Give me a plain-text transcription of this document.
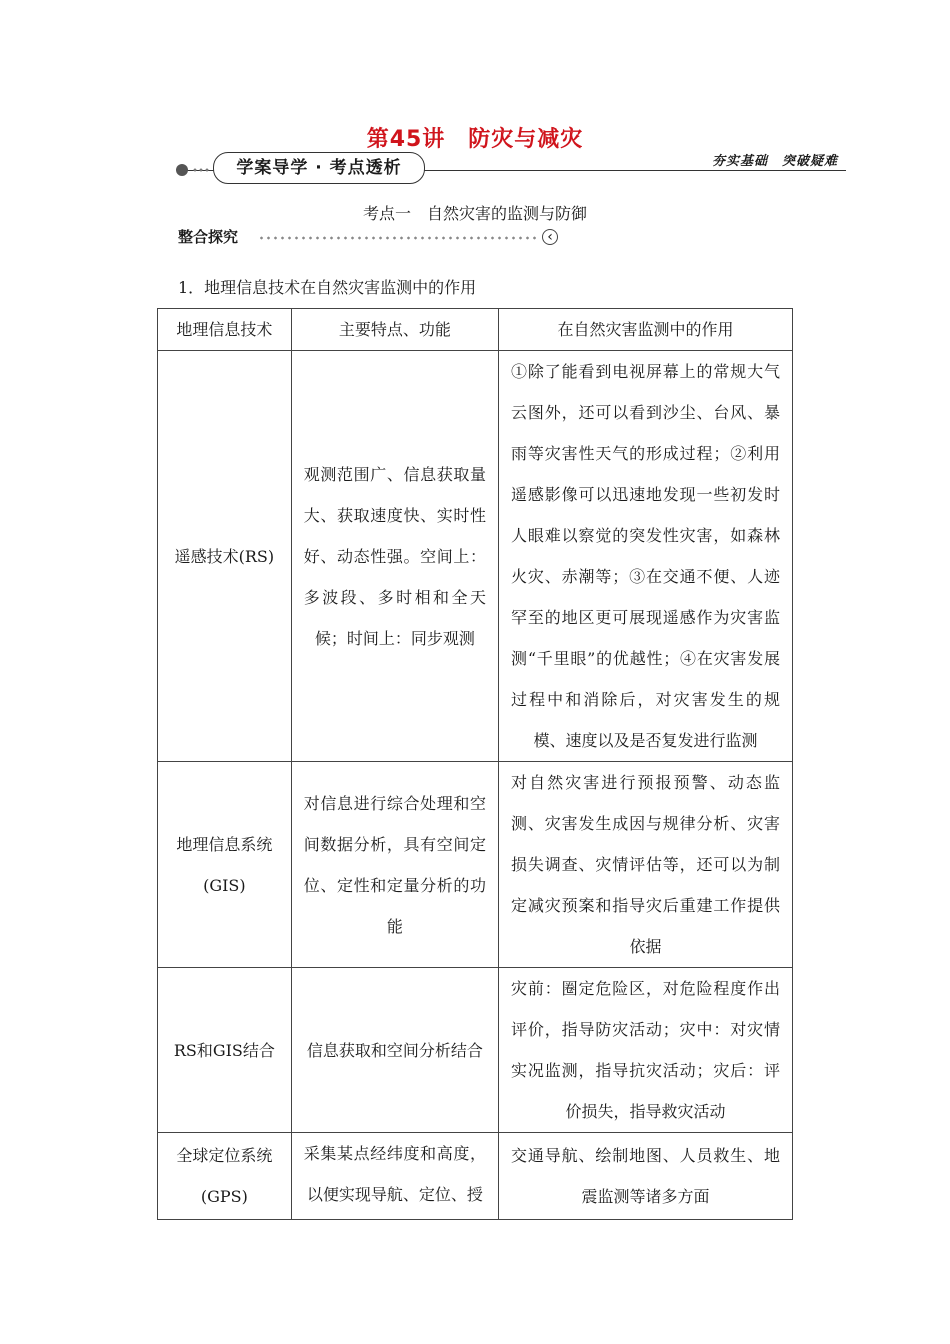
第45讲　防灾与减灾
学案导学 · 考点透析	夯实基础　突破疑难
考点一　自然灾害的监测与防御
整合探究
‹
1．地理信息技术在自然灾害监测中的作用
地理信息技术	主要特点、功能	在自然灾害监测中的作用
遥感技术(RS)	观测范围广、信息获取量大、获取速度快、实时性好、动态性强。空间上：多波段、多时相和全天候；时间上：同步观测	①除了能看到电视屏幕上的常规大气云图外，还可以看到沙尘、台风、暴雨等灾害性天气的形成过程；②利用遥感影像可以迅速地发现一些初发时人眼难以察觉的突发性灾害，如森林火灾、赤潮等；③在交通不便、人迹罕至的地区更可展现遥感作为灾害监测“千里眼”的优越性；④在灾害发展过程中和消除后，对灾害发生的规模、速度以及是否复发进行监测
地理信息系统(GIS)	对信息进行综合处理和空间数据分析，具有空间定位、定性和定量分析的功能	对自然灾害进行预报预警、动态监测、灾害发生成因与规律分析、灾害损失调查、灾情评估等，还可以为制定减灾预案和指导灾后重建工作提供依据
RS和GIS结合	信息获取和空间分析结合	灾前：圈定危险区，对危险程度作出评价，指导防灾活动；灾中：对灾情实况监测，指导抗灾活动；灾后：评价损失，指导救灾活动
全球定位系统(GPS)	采集某点经纬度和高度，以便实现导航、定位、授	交通导航、绘制地图、人员救生、地震监测等诸多方面
